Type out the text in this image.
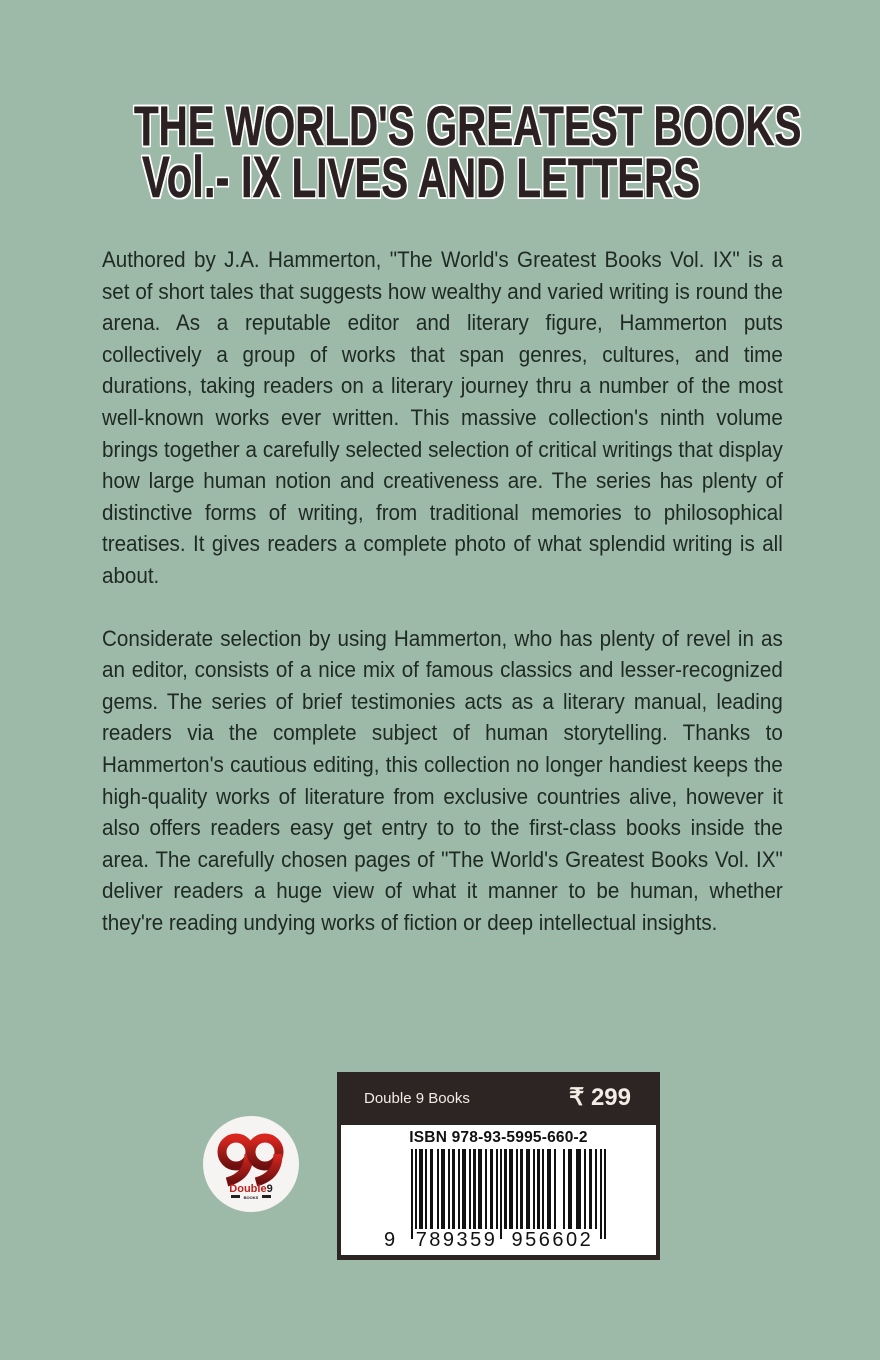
THE WORLD'S GREATEST BOOKS
Vol.- IX LIVES AND LETTERS

Authored by J.A. Hammerton, "The World's Greatest Books Vol. IX" is a set of short tales that suggests how wealthy and varied writing is round the arena. As a reputable editor and literary figure, Hammerton puts collectively a group of works that span genres, cultures, and time durations, taking readers on a literary journey thru a number of the most well-known works ever written. This massive collection's ninth volume brings together a carefully selected selection of critical writings that display how large human notion and creativeness are. The series has plenty of distinctive forms of writing, from traditional memories to philosophical treatises. It gives readers a complete photo of what splendid writing is all about.

Considerate selection by using Hammerton, who has plenty of revel in as an editor, consists of a nice mix of famous classics and lesser-recognized gems. The series of brief testimonies acts as a literary manual, leading readers via the complete subject of human storytelling. Thanks to Hammerton's cautious editing, this collection no longer handiest keeps the high-quality works of literature from exclusive countries alive, however it also offers readers easy get entry to to the first-class books inside the area. The carefully chosen pages of "The World's Greatest Books Vol. IX" deliver readers a huge view of what it manner to be human, whether they're reading undying works of fiction or deep intellectual insights.

Double9
BOOKS
Double 9 Books	₹ 299
ISBN 978-93-5995-660-2
9 789359 956602
